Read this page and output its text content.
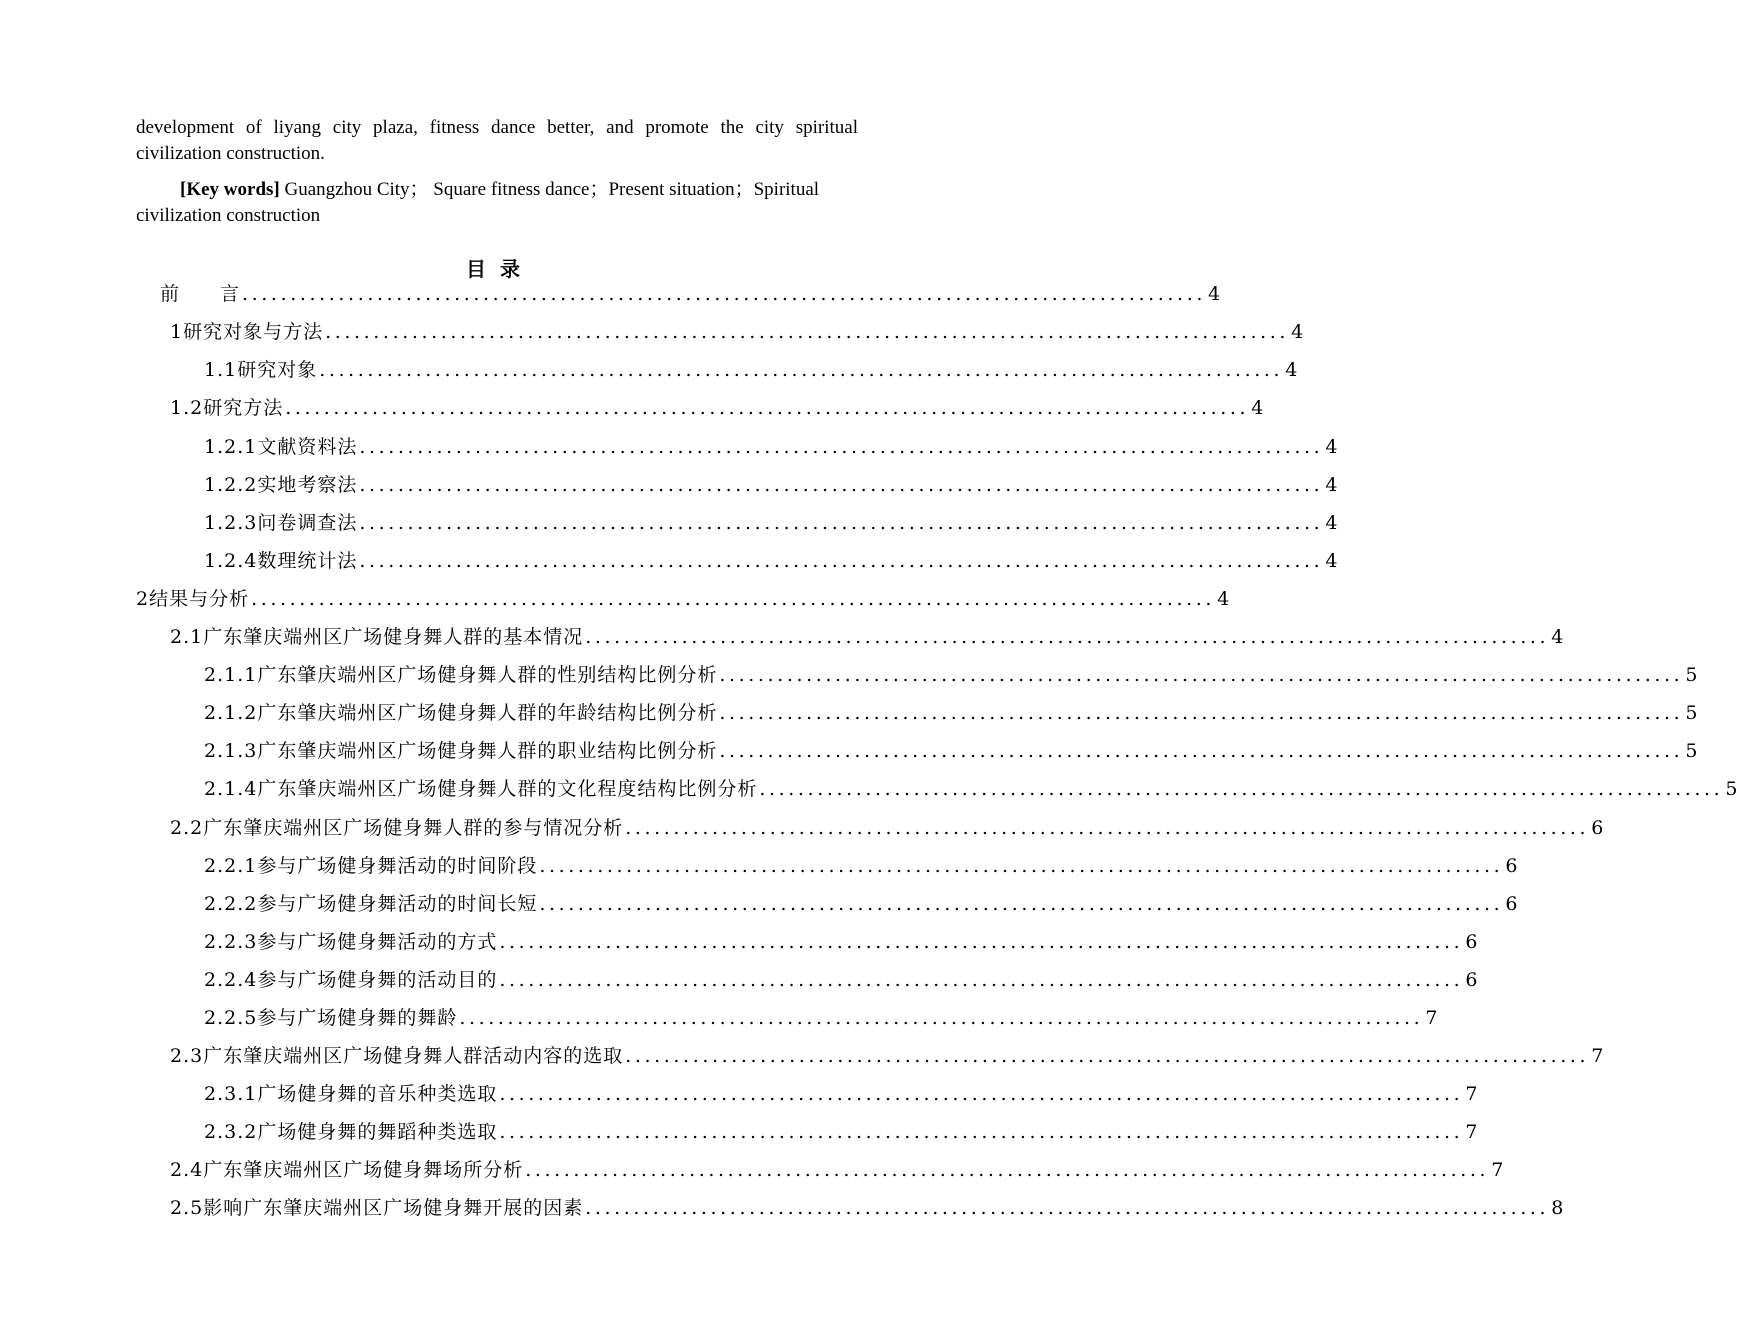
development of liyang city plaza, fitness dance better, and promote the city spiritual civilization construction.
[Key words] Guangzhou City； Square fitness dance；Present situation；Spiritual civilization construction
目录
前　　言 .................................................................................................... 4
1研究对象与方法 .................................................................................................... 4
1.1研究对象 .................................................................................................... 4
1.2研究方法 .................................................................................................... 4
1.2.1文献资料法 .................................................................................................... 4
1.2.2实地考察法 .................................................................................................... 4
1.2.3问卷调查法 .................................................................................................... 4
1.2.4数理统计法 .................................................................................................... 4
2结果与分析 .................................................................................................... 4
2.1广东肇庆端州区广场健身舞人群的基本情况 .................................................................................................... 4
2.1.1广东肇庆端州区广场健身舞人群的性别结构比例分析 .................................................................................................... 5
2.1.2广东肇庆端州区广场健身舞人群的年龄结构比例分析 .................................................................................................... 5
2.1.3广东肇庆端州区广场健身舞人群的职业结构比例分析 .................................................................................................... 5
2.1.4广东肇庆端州区广场健身舞人群的文化程度结构比例分析 .................................................................................................... 5
2.2广东肇庆端州区广场健身舞人群的参与情况分析 .................................................................................................... 6
2.2.1参与广场健身舞活动的时间阶段 .................................................................................................... 6
2.2.2参与广场健身舞活动的时间长短 .................................................................................................... 6
2.2.3参与广场健身舞活动的方式 .................................................................................................... 6
2.2.4参与广场健身舞的活动目的 .................................................................................................... 6
2.2.5参与广场健身舞的舞龄 .................................................................................................... 7
2.3广东肇庆端州区广场健身舞人群活动内容的选取 .................................................................................................... 7
2.3.1广场健身舞的音乐种类选取 .................................................................................................... 7
2.3.2广场健身舞的舞蹈种类选取 .................................................................................................... 7
2.4广东肇庆端州区广场健身舞场所分析 .................................................................................................... 7
2.5影响广东肇庆端州区广场健身舞开展的因素 .................................................................................................... 8
